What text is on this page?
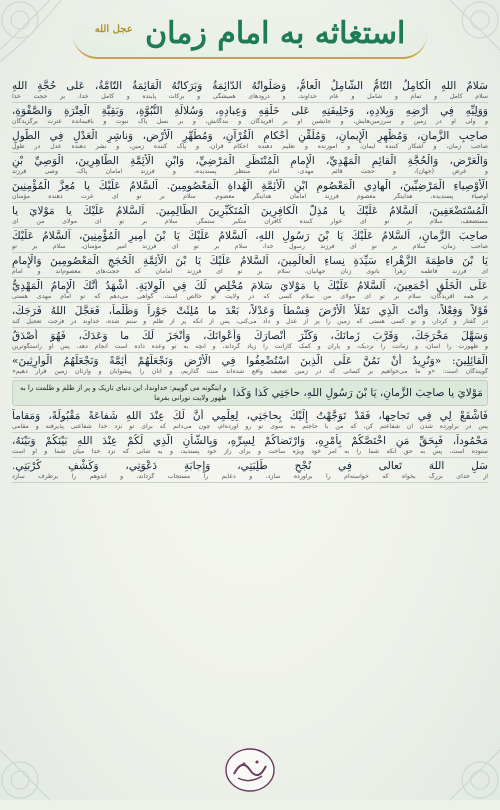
استغاثه به امام زمان $^{عجل الله}$
سَلامُ اللهِ الْكامِلُ التّامُّ الشّامِلُ الْعامُّ، وَصَلَواتُهُ الدّائِمَةُ وَبَرَكاتُهُ الْقائِمَةُ التّامَّةُ، عَلى حُجَّةِ اللهِ
سلام کامل و تمام و شامل و عام خداوند، و درودهای همیشگی و برکات پاینده و کامل خدا، بر حجت خدا
وَوَلِيِّهِ فِي أَرْضِهِ وَبِلادِهِ، وَخَلِيفَتِهِ عَلى خَلْقِهِ وَعِبادِهِ، وَسُلالَةِ النُّبُوَّةِ، وَبَقِيَّةِ الْعِتْرَةِ وَالصَّفْوَةِ،
و ولی او در زمین و سرزمین‌هایش، و جانشین او بر آفریدگان و بندگانش، و بر نسل پاک نبوت و باقیمانده عترت برگزیدگان
صاحِبِ الزَّمانِ، وَمُظْهِرِ الْإِيمانِ، وَمُلَقِّنِ أَحْكامِ الْقُرْآنِ، وَمُطَهِّرِ الْأَرْضِ، وَناشِرِ الْعَدْلِ فِي الطُّولِ
صاحب زمان، و آشکار کننده ایمان، و آموزنده و تعلیم دهنده احکام قرآن، و پاک کننده زمین، و نشر دهنده عدل در طول
وَالْعَرْضِ، وَالْحُجَّةِ الْقائِمِ الْمَهْدِيِّ، الْإِمامِ الْمُنْتَظَرِ الْمَرْضِيِّ، وَابْنِ الْأَئِمَّةِ الطّاهِرِينَ، الْوَصِيِّ بْنِ
و عرض (جهان)، و حجت قائم مهدی، امام منتظر پسندیده، و فرزند امامان پاک، وصی فرزند
الْأَوْصِياءِ الْمَرْضِيِّينَ، الْهادِي الْمَعْصُومِ ابْنِ الْأَئِمَّةِ الْهُداةِ الْمَعْصُومِينَ. اَلسَّلامُ عَلَيْكَ يا مُعِزَّ الْمُؤْمِنِينَ
اوصیاء پسندیده، هدایتگر معصوم فرزند امامان هدایتگر معصوم. سلام بر تو ای عزت دهنده مؤمنان
الْمُسْتَضْعَفِينَ، اَلسَّلامُ عَلَيْكَ يا مُذِلَّ الْكافِرِينَ الْمُتَكَبِّرِينَ الظّالِمِينَ. اَلسَّلامُ عَلَيْكَ يا مَوْلايَ يا
مستضعف، سلام بر تو ای خوار کننده کافران متکبر ستمگر. سلام بر تو ای مولای من ای
صاحِبَ الزَّمانِ، اَلسَّلامُ عَلَيْكَ يَا بْنَ رَسُولِ اللهِ، اَلسَّلامُ عَلَيْكَ يَا بْنَ أَمِيرِ الْمُؤْمِنِينَ، اَلسَّلامُ عَلَيْكَ
صاحب زمان، سلام بر تو ای فرزند رسول خدا، سلام بر تو ای فرزند امیر مؤمنان، سلام بر تو
يَا بْنَ فاطِمَةَ الزَّهْراءِ سَيِّدَةِ نِساءِ الْعالَمِينَ، اَلسَّلامُ عَلَيْكَ يَا بْنَ الْأَئِمَّةِ الْحُجَجِ الْمَعْصُومِينَ وَالْإِمامِ
ای فرزند فاطمه زهرا بانوی زنان جهانیان، سلام بر تو ای فرزند امامان که حجت‌های معصوم‌اند و امام
عَلَى الْخَلْقِ أَجْمَعِينَ، اَلسَّلامُ عَلَيْكَ يا مَوْلايَ سَلامَ مُخْلِصٍ لَكَ فِي الْوِلايَةِ. أَشْهَدُ أَنَّكَ الْإِمامُ الْمَهْدِيُّ
بر همه آفریدگان، سلام بر تو ای مولای من سلام کسی که در ولایت تو خالص است. گواهی می‌دهم که تو امام مهدی هستی
قَوْلاً وَفِعْلاً، وَأَنْتَ الَّذِي تَمْلَأُ الْأَرْضَ قِسْطاً وَعَدْلاً، بَعْدَ ما مُلِئَتْ جَوْراً وَظُلْماً، فَعَجَّلَ اللهُ فَرَجَكَ،
در گفتار و کردار، و تو کسی هستی که زمین را پر از عدل و داد می‌کنی، پس از آنکه پر از ظلم و ستم شده، خداوند در فرجت تعجیل کند
وَسَهَّلَ مَخْرَجَكَ، وَقَرَّبَ زَمانَكَ، وَكَثَّرَ أَنْصارَكَ وَأَعْوانَكَ، وَأَنْجَزَ لَكَ ما وَعَدَكَ، فَهُوَ أَصْدَقُ
و ظهورت را آسان، و زمانت را نزدیک، و یاران و کمک کارانت را زیاد گرداند، و آنچه به تو وعده داده است انجام دهد، پس او راستگوترین
الْقائِلِينَ: «وَنُرِيدُ أَنْ نَمُنَّ عَلَى الَّذِينَ اسْتُضْعِفُوا فِي الْأَرْضِ وَنَجْعَلَهُمْ أَئِمَّةً وَنَجْعَلَهُمُ الْوارِثِينَ»
گویندگان است: «و ما می‌خواهیم بر کسانی که در زمین ضعیف واقع شده‌اند منت گذاریم، و آنان را پیشوایان و وارثان زمین قرار دهیم»
مَوْلايَ يا صاحِبَ الزَّمانِ، يَا بْنَ رَسُولِ اللهِ، حاجَتِي كَذا وَكَذا
و اینگونه می گوییم: خداوندا، این دنیای تاریک و پر از ظلم و ظلمت را به ظهور ولایت نورانی بفرما
فَاشْفَعْ لِي فِي نَجاحِها، فَقَدْ تَوَجَّهْتُ إِلَيْكَ بِحاجَتِي، لِعِلْمِي أَنَّ لَكَ عِنْدَ اللهِ شَفاعَةً مَقْبُولَةً، وَمَقاماً
پس در برآورده شدن آن شفاعتم کن، که من با حاجتم به سوی تو رو آورده‌ام، چون می‌دانم که برای تو نزد خدا شفاعتی پذیرفته و مقامی
مَحْمُوداً، فَبِحَقِّ مَنِ اخْتَصَّكُمْ بِأَمْرِهِ، وَارْتَضاكُمْ لِسِرِّهِ، وَبِالشَّأْنِ الَّذِي لَكُمْ عِنْدَ اللهِ بَيْنَكُمْ وَبَيْنَهُ،
ستوده است، پس به حق آنکه شما را به امر خود ویژه ساخت و برای راز خود پسندید، و به شأنی که نزد خدا میان شما و او است
سَلِ اللهَ تَعالى فِي نُجْحِ طَلِبَتِي، وَإِجابَةِ دَعْوَتِي، وَكَشْفِ كُرْبَتِي.
از خدای بزرگ بخواه که خواسته‌ام را برآورده سازد، و دعایم را مستجاب گرداند، و اندوهم را برطرف سازد
